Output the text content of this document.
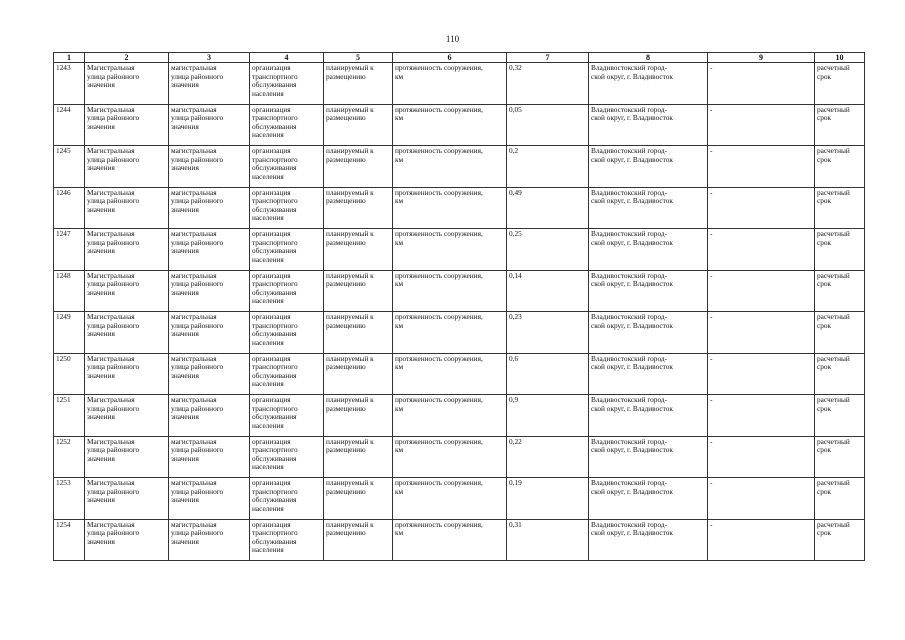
110
1	2	3	4	5	6	7	8	9	10

1243	Магистральная
улица районного
значения	магистральная
улица районного
значения	организация
транспортного
обслуживания
населения	планируемый к
размещению	протяженность сооружения,
км	0,32	Владивостокский город-
ской округ, г. Владивосток	-	расчетный
срок

1244	Магистральная
улица районного
значения	магистральная
улица районного
значения	организация
транспортного
обслуживания
населения	планируемый к
размещению	протяженность сооружения,
км	0,05	Владивостокский город-
ской округ, г. Владивосток	-	расчетный
срок

1245	Магистральная
улица районного
значения	магистральная
улица районного
значения	организация
транспортного
обслуживания
населения	планируемый к
размещению	протяженность сооружения,
км	0,2	Владивостокский город-
ской округ, г. Владивосток	-	расчетный
срок

1246	Магистральная
улица районного
значения	магистральная
улица районного
значения	организация
транспортного
обслуживания
населения	планируемый к
размещению	протяженность сооружения,
км	0,49	Владивостокский город-
ской округ, г. Владивосток	-	расчетный
срок

1247	Магистральная
улица районного
значения	магистральная
улица районного
значения	организация
транспортного
обслуживания
населения	планируемый к
размещению	протяженность сооружения,
км	0,25	Владивостокский город-
ской округ, г. Владивосток	-	расчетный
срок

1248	Магистральная
улица районного
значения	магистральная
улица районного
значения	организация
транспортного
обслуживания
населения	планируемый к
размещению	протяженность сооружения,
км	0,14	Владивостокский город-
ской округ, г. Владивосток	-	расчетный
срок

1249	Магистральная
улица районного
значения	магистральная
улица районного
значения	организация
транспортного
обслуживания
населения	планируемый к
размещению	протяженность сооружения,
км	0,23	Владивостокский город-
ской округ, г. Владивосток	-	расчетный
срок

1250	Магистральная
улица районного
значения	магистральная
улица районного
значения	организация
транспортного
обслуживания
населения	планируемый к
размещению	протяженность сооружения,
км	0,6	Владивостокский город-
ской округ, г. Владивосток	-	расчетный
срок

1251	Магистральная
улица районного
значения	магистральная
улица районного
значения	организация
транспортного
обслуживания
населения	планируемый к
размещению	протяженность сооружения,
км	0,9	Владивостокский город-
ской округ, г. Владивосток	-	расчетный
срок

1252	Магистральная
улица районного
значения	магистральная
улица районного
значения	организация
транспортного
обслуживания
населения	планируемый к
размещению	протяженность сооружения,
км	0,22	Владивостокский город-
ской округ, г. Владивосток	-	расчетный
срок

1253	Магистральная
улица районного
значения	магистральная
улица районного
значения	организация
транспортного
обслуживания
населения	планируемый к
размещению	протяженность сооружения,
км	0,19	Владивостокский город-
ской округ, г. Владивосток	-	расчетный
срок

1254	Магистральная
улица районного
значения	магистральная
улица районного
значения	организация
транспортного
обслуживания
населения	планируемый к
размещению	протяженность сооружения,
км	0,31	Владивостокский город-
ской округ, г. Владивосток	-	расчетный
срок
